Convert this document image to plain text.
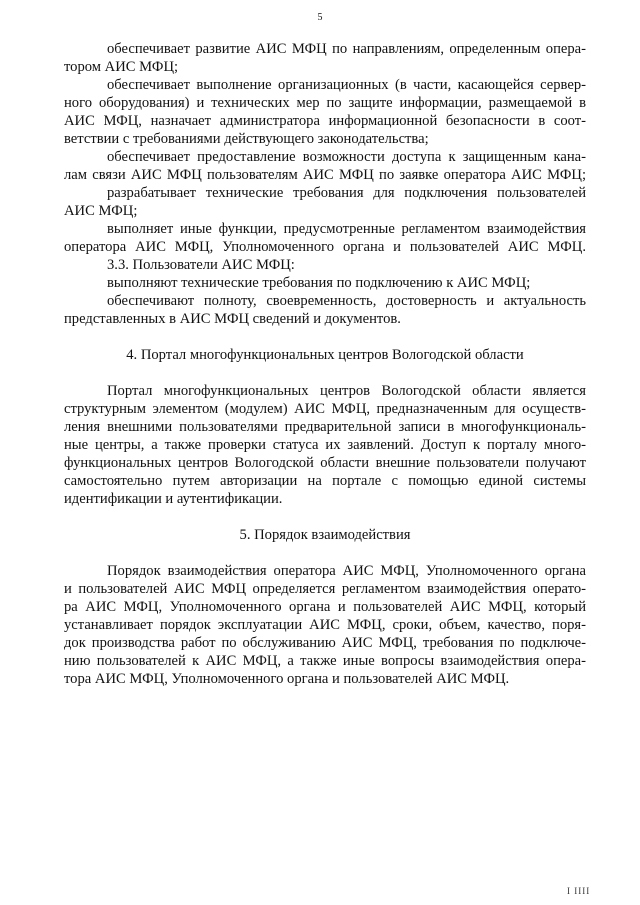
5
обеспечивает развитие АИС МФЦ по направлениям, определенным опера-
тором АИС МФЦ;
обеспечивает выполнение организационных (в части, касающейся сервер-
ного оборудования) и технических мер по защите информации, размещаемой в
АИС МФЦ, назначает администратора информационной безопасности в соот-
ветствии с требованиями действующего законодательства;
обеспечивает предоставление возможности доступа к защищенным кана-
лам связи АИС МФЦ пользователям АИС МФЦ по заявке оператора АИС МФЦ;
разрабатывает технические требования для подключения пользователей
АИС МФЦ;
выполняет иные функции, предусмотренные регламентом взаимодействия
оператора АИС МФЦ, Уполномоченного органа и пользователей АИС МФЦ.
3.3. Пользователи АИС МФЦ:
выполняют технические требования по подключению к АИС МФЦ;
обеспечивают полноту, своевременность, достоверность и актуальность
представленных в АИС МФЦ сведений и документов.
4. Портал многофункциональных центров Вологодской области
Портал многофункциональных центров Вологодской области является
структурным элементом (модулем) АИС МФЦ, предназначенным для осуществ-
ления внешними пользователями предварительной записи в многофункциональ-
ные центры, а также проверки статуса их заявлений. Доступ к порталу много-
функциональных центров Вологодской области внешние пользователи получают
самостоятельно путем авторизации на портале с помощью единой системы
идентификации и аутентификации.
5. Порядок взаимодействия
Порядок взаимодействия оператора АИС МФЦ, Уполномоченного органа
и пользователей АИС МФЦ определяется регламентом взаимодействия операто-
ра АИС МФЦ, Уполномоченного органа и пользователей АИС МФЦ, который
устанавливает порядок эксплуатации АИС МФЦ, сроки, объем, качество, поря-
док производства работ по обслуживанию АИС МФЦ, требования по подключе-
нию пользователей к АИС МФЦ, а также иные вопросы взаимодействия опера-
тора АИС МФЦ, Уполномоченного органа и пользователей АИС МФЦ.
I IIII
